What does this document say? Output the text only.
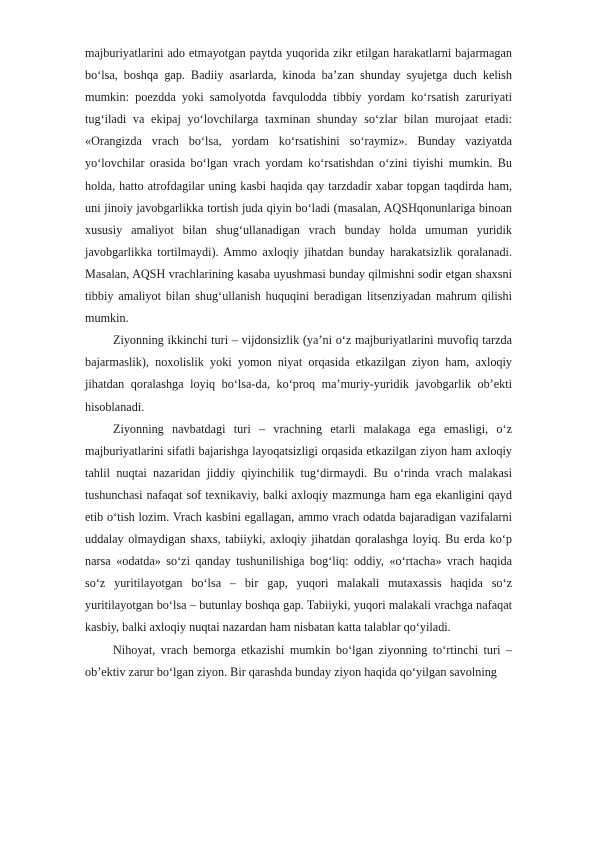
majburiyatlarini ado etmayotgan paytda yuqorida zikr etilgan harakatlarni bajarmagan bo‘lsa, boshqa gap. Badiiy asarlarda, kinoda ba’zan shunday syujetga duch kelish mumkin: poezdda yoki samolyotda favqulodda tibbiy yordam ko‘rsatish zaruriyati tug‘iladi va ekipaj yo‘lovchilarga taxminan shunday so‘zlar bilan murojaat etadi: «Orangizda vrach bo‘lsa, yordam ko‘rsatishini so‘raymiz». Bunday vaziyatda yo‘lovchilar orasida bo‘lgan vrach yordam ko‘rsatishdan o‘zini tiyishi mumkin. Bu holda, hatto atrofdagilar uning kasbi haqida qay tarzdadir xabar topgan taqdirda ham, uni jinoiy javobgarlikka tortish juda qiyin bo‘ladi (masalan, AQSHqonunlariga binoan xususiy amaliyot bilan shug‘ullanadigan vrach bunday holda umuman yuridik javobgarlikka tortilmaydi). Ammo axloqiy jihatdan bunday harakatsizlik qoralanadi. Masalan, AQSH vrachlarining kasaba uyushmasi bunday qilmishni sodir etgan shaxsni tibbiy amaliyot bilan shug‘ullanish huquqini beradigan litsenziyadan mahrum qilishi mumkin.

Ziyonning ikkinchi turi – vijdonsizlik (ya’ni o‘z majburiyatlarini muvofiq tarzda bajarmaslik), noxolislik yoki yomon niyat orqasida etkazilgan ziyon ham, axloqiy jihatdan qoralashga loyiq bo‘lsa-da, ko‘proq ma’muriy-yuridik javobgarlik ob’ekti hisoblanadi.

Ziyonning navbatdagi turi – vrachning etarli malakaga ega emasligi, o‘z majburiyatlarini sifatli bajarishga layoqatsizligi orqasida etkazilgan ziyon ham axloqiy tahlil nuqtai nazaridan jiddiy qiyinchilik tug‘dirmaydi. Bu o‘rinda vrach malakasi tushunchasi nafaqat sof texnikaviy, balki axloqiy mazmunga ham ega ekanligini qayd etib o‘tish lozim. Vrach kasbini egallagan, ammo vrach odatda bajaradigan vazifalarni uddalay olmaydigan shaxs, tabiiyki, axloqiy jihatdan qoralashga loyiq. Bu erda ko‘p narsa «odatda» so‘zi qanday tushunilishiga bog‘liq: oddiy, «o‘rtacha» vrach haqida so‘z yuritilayotgan bo‘lsa – bir gap, yuqori malakali mutaxassis haqida so‘z yuritilayotgan bo‘lsa – butunlay boshqa gap. Tabiiyki, yuqori malakali vrachga nafaqat kasbiy, balki axloqiy nuqtai nazardan ham nisbatan katta talablar qo‘yiladi.

Nihoyat, vrach bemorga etkazishi mumkin bo‘lgan ziyonning to‘rtinchi turi – ob’ektiv zarur bo‘lgan ziyon. Bir qarashda bunday ziyon haqida qo‘yilgan savolning
